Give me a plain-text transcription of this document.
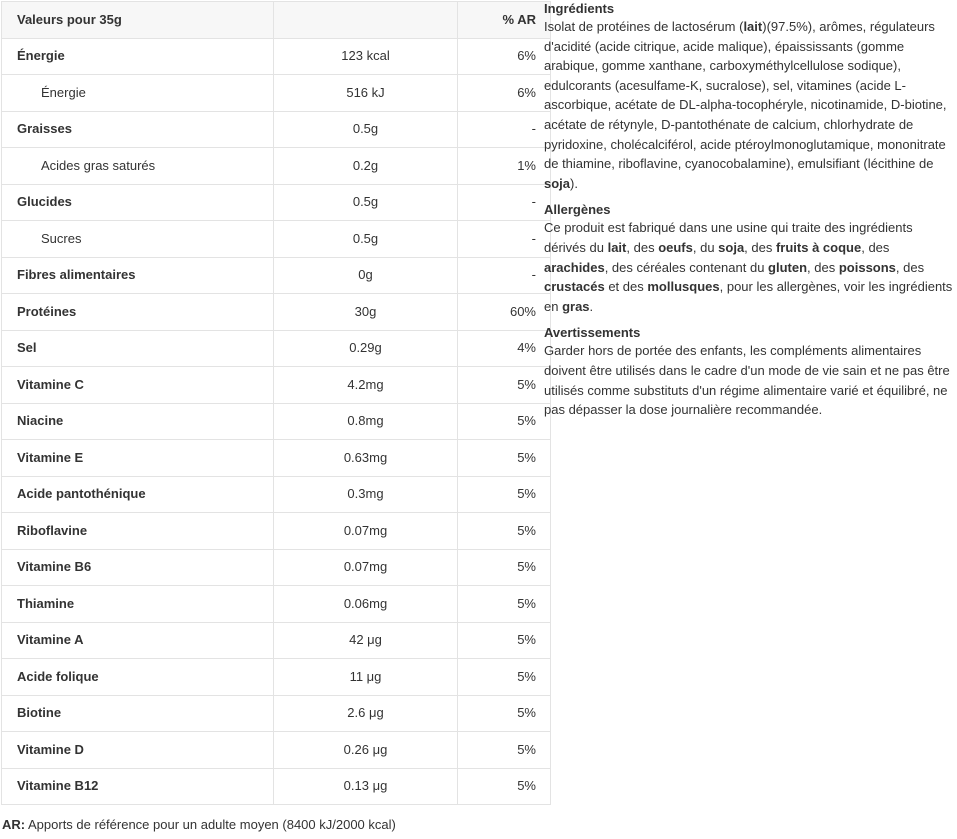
Valeurs pour 35g		% AR
Énergie	123 kcal	6%
Énergie	516 kJ	6%
Graisses	0.5g	-
Acides gras saturés	0.2g	1%
Glucides	0.5g	-
Sucres	0.5g	-
Fibres alimentaires	0g	-
Protéines	30g	60%
Sel	0.29g	4%
Vitamine C	4.2mg	5%
Niacine	0.8mg	5%
Vitamine E	0.63mg	5%
Acide pantothénique	0.3mg	5%
Riboflavine	0.07mg	5%
Vitamine B6	0.07mg	5%
Thiamine	0.06mg	5%
Vitamine A	42 μg	5%
Acide folique	11 μg	5%
Biotine	2.6 μg	5%
Vitamine D	0.26 μg	5%
Vitamine B12	0.13 μg	5%
AR: Apports de référence pour un adulte moyen (8400 kJ/2000 kcal)
Ingrédients

Isolat de protéines de lactosérum (lait)(97.5%), arômes, régulateurs d'acidité (acide citrique, acide malique), épaississants (gomme arabique, gomme xanthane, carboxyméthylcellulose sodique), edulcorants (acesulfame-K, sucralose), sel, vitamines (acide L-ascorbique, acétate de DL-alpha-tocophéryle, nicotinamide, D-biotine, acétate de rétynyle, D-pantothénate de calcium, chlorhydrate de pyridoxine, cholécalciférol, acide ptéroylmonoglutamique, mononitrate de thiamine, riboflavine, cyanocobalamine), emulsifiant (lécithine de soja).

Allergènes

Ce produit est fabriqué dans une usine qui traite des ingrédients dérivés du lait, des oeufs, du soja, des fruits à coque, des arachides, des céréales contenant du gluten, des poissons, des crustacés et des mollusques, pour les allergènes, voir les ingrédients en gras.

Avertissements

Garder hors de portée des enfants, les compléments alimentaires doivent être utilisés dans le cadre d'un mode de vie sain et ne pas être utilisés comme substituts d'un régime alimentaire varié et équilibré, ne pas dépasser la dose journalière recommandée.
